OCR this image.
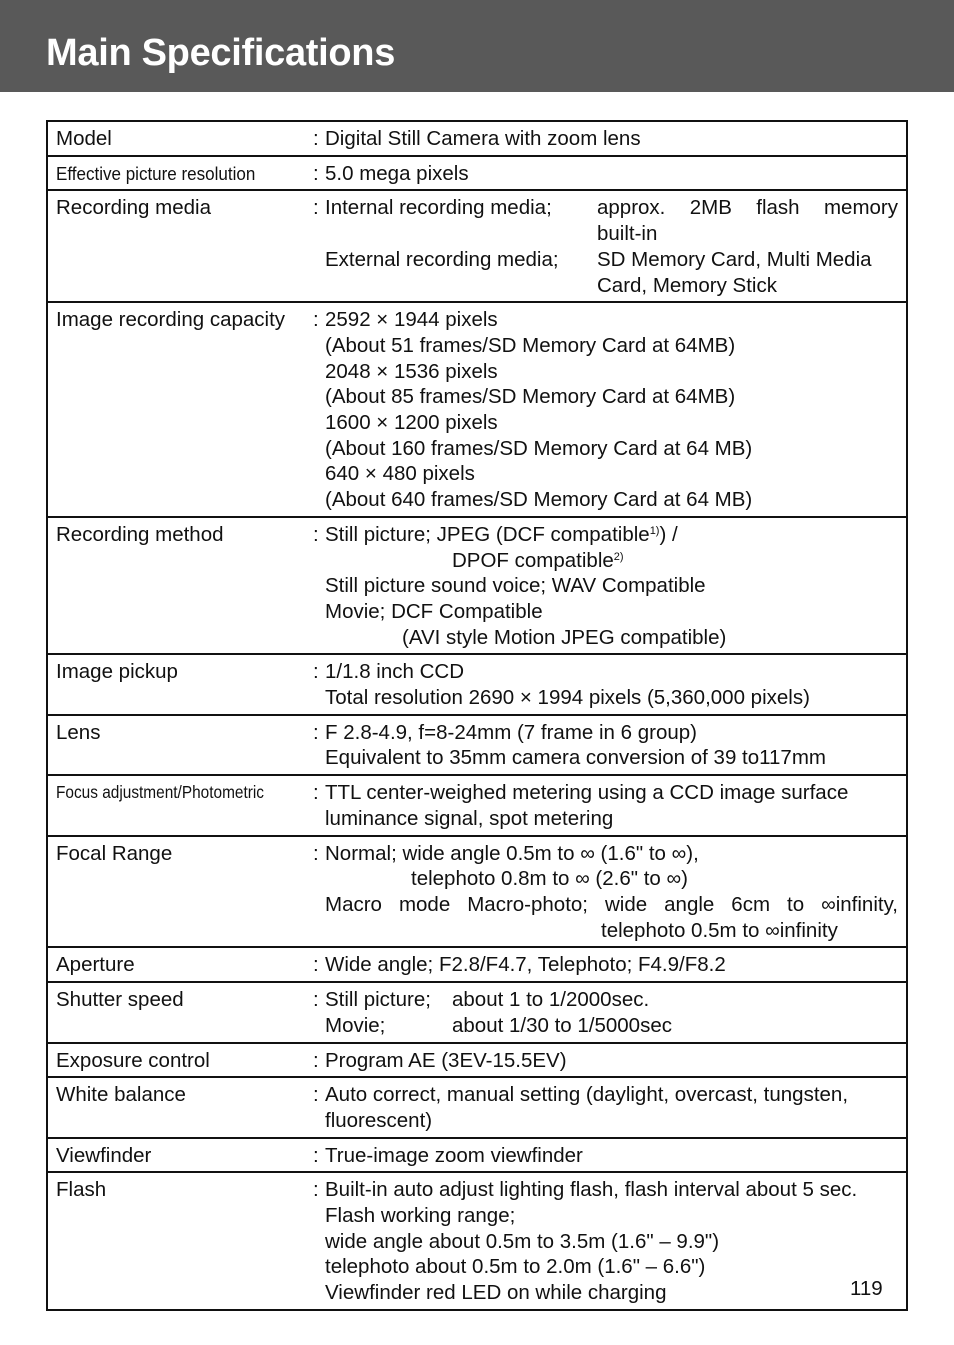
Main Specifications
Model	: Digital Still Camera with zoom lens
Effective picture resolution	: 5.0 mega pixels
Recording media	: Internal recording media;	approx. 2MB flash memory
built-in
External recording media;	SD Memory Card, Multi Media
Card, Memory Stick
Image recording capacity	: 2592 × 1944 pixels
(About 51 frames/SD Memory Card at 64MB)
2048 × 1536 pixels
(About 85 frames/SD Memory Card at 64MB)
1600 × 1200 pixels
(About 160 frames/SD Memory Card at 64 MB)
640 × 480 pixels
(About 640 frames/SD Memory Card at 64 MB)
Recording method	: Still picture; JPEG (DCF compatible$^{1)}$) /
DPOF compatible$^{2)}$
Still picture sound voice; WAV Compatible
Movie; DCF Compatible
(AVI style Motion JPEG compatible)
Image pickup	: 1/1.8 inch CCD
Total resolution 2690 × 1994 pixels (5,360,000 pixels)
Lens	: F 2.8-4.9, f=8-24mm (7 frame in 6 group)
Equivalent to 35mm camera conversion of 39 to117mm
Focus adjustment/Photometric	: TTL center-weighed metering using a CCD image surface
luminance signal, spot metering
Focal Range	: Normal; wide angle 0.5m to ∞ (1.6" to ∞),
telephoto 0.8m to ∞ (2.6" to ∞)
Macro mode Macro-photo; wide angle 6cm to ∞infinity,
telephoto 0.5m to ∞infinity
Aperture	: Wide angle; F2.8/F4.7, Telephoto; F4.9/F8.2
Shutter speed	: Still picture; about 1 to 1/2000sec.
Movie;	about 1/30 to 1/5000sec
Exposure control	: Program AE (3EV-15.5EV)
White balance	: Auto correct, manual setting (daylight, overcast, tungsten,
fluorescent)
Viewfinder	: True-image zoom viewfinder
Flash	: Built-in auto adjust lighting flash, flash interval about 5 sec.
Flash working range;
wide angle about 0.5m to 3.5m (1.6" – 9.9")
telephoto about 0.5m to 2.0m (1.6" – 6.6")
Viewfinder red LED on while charging	119
